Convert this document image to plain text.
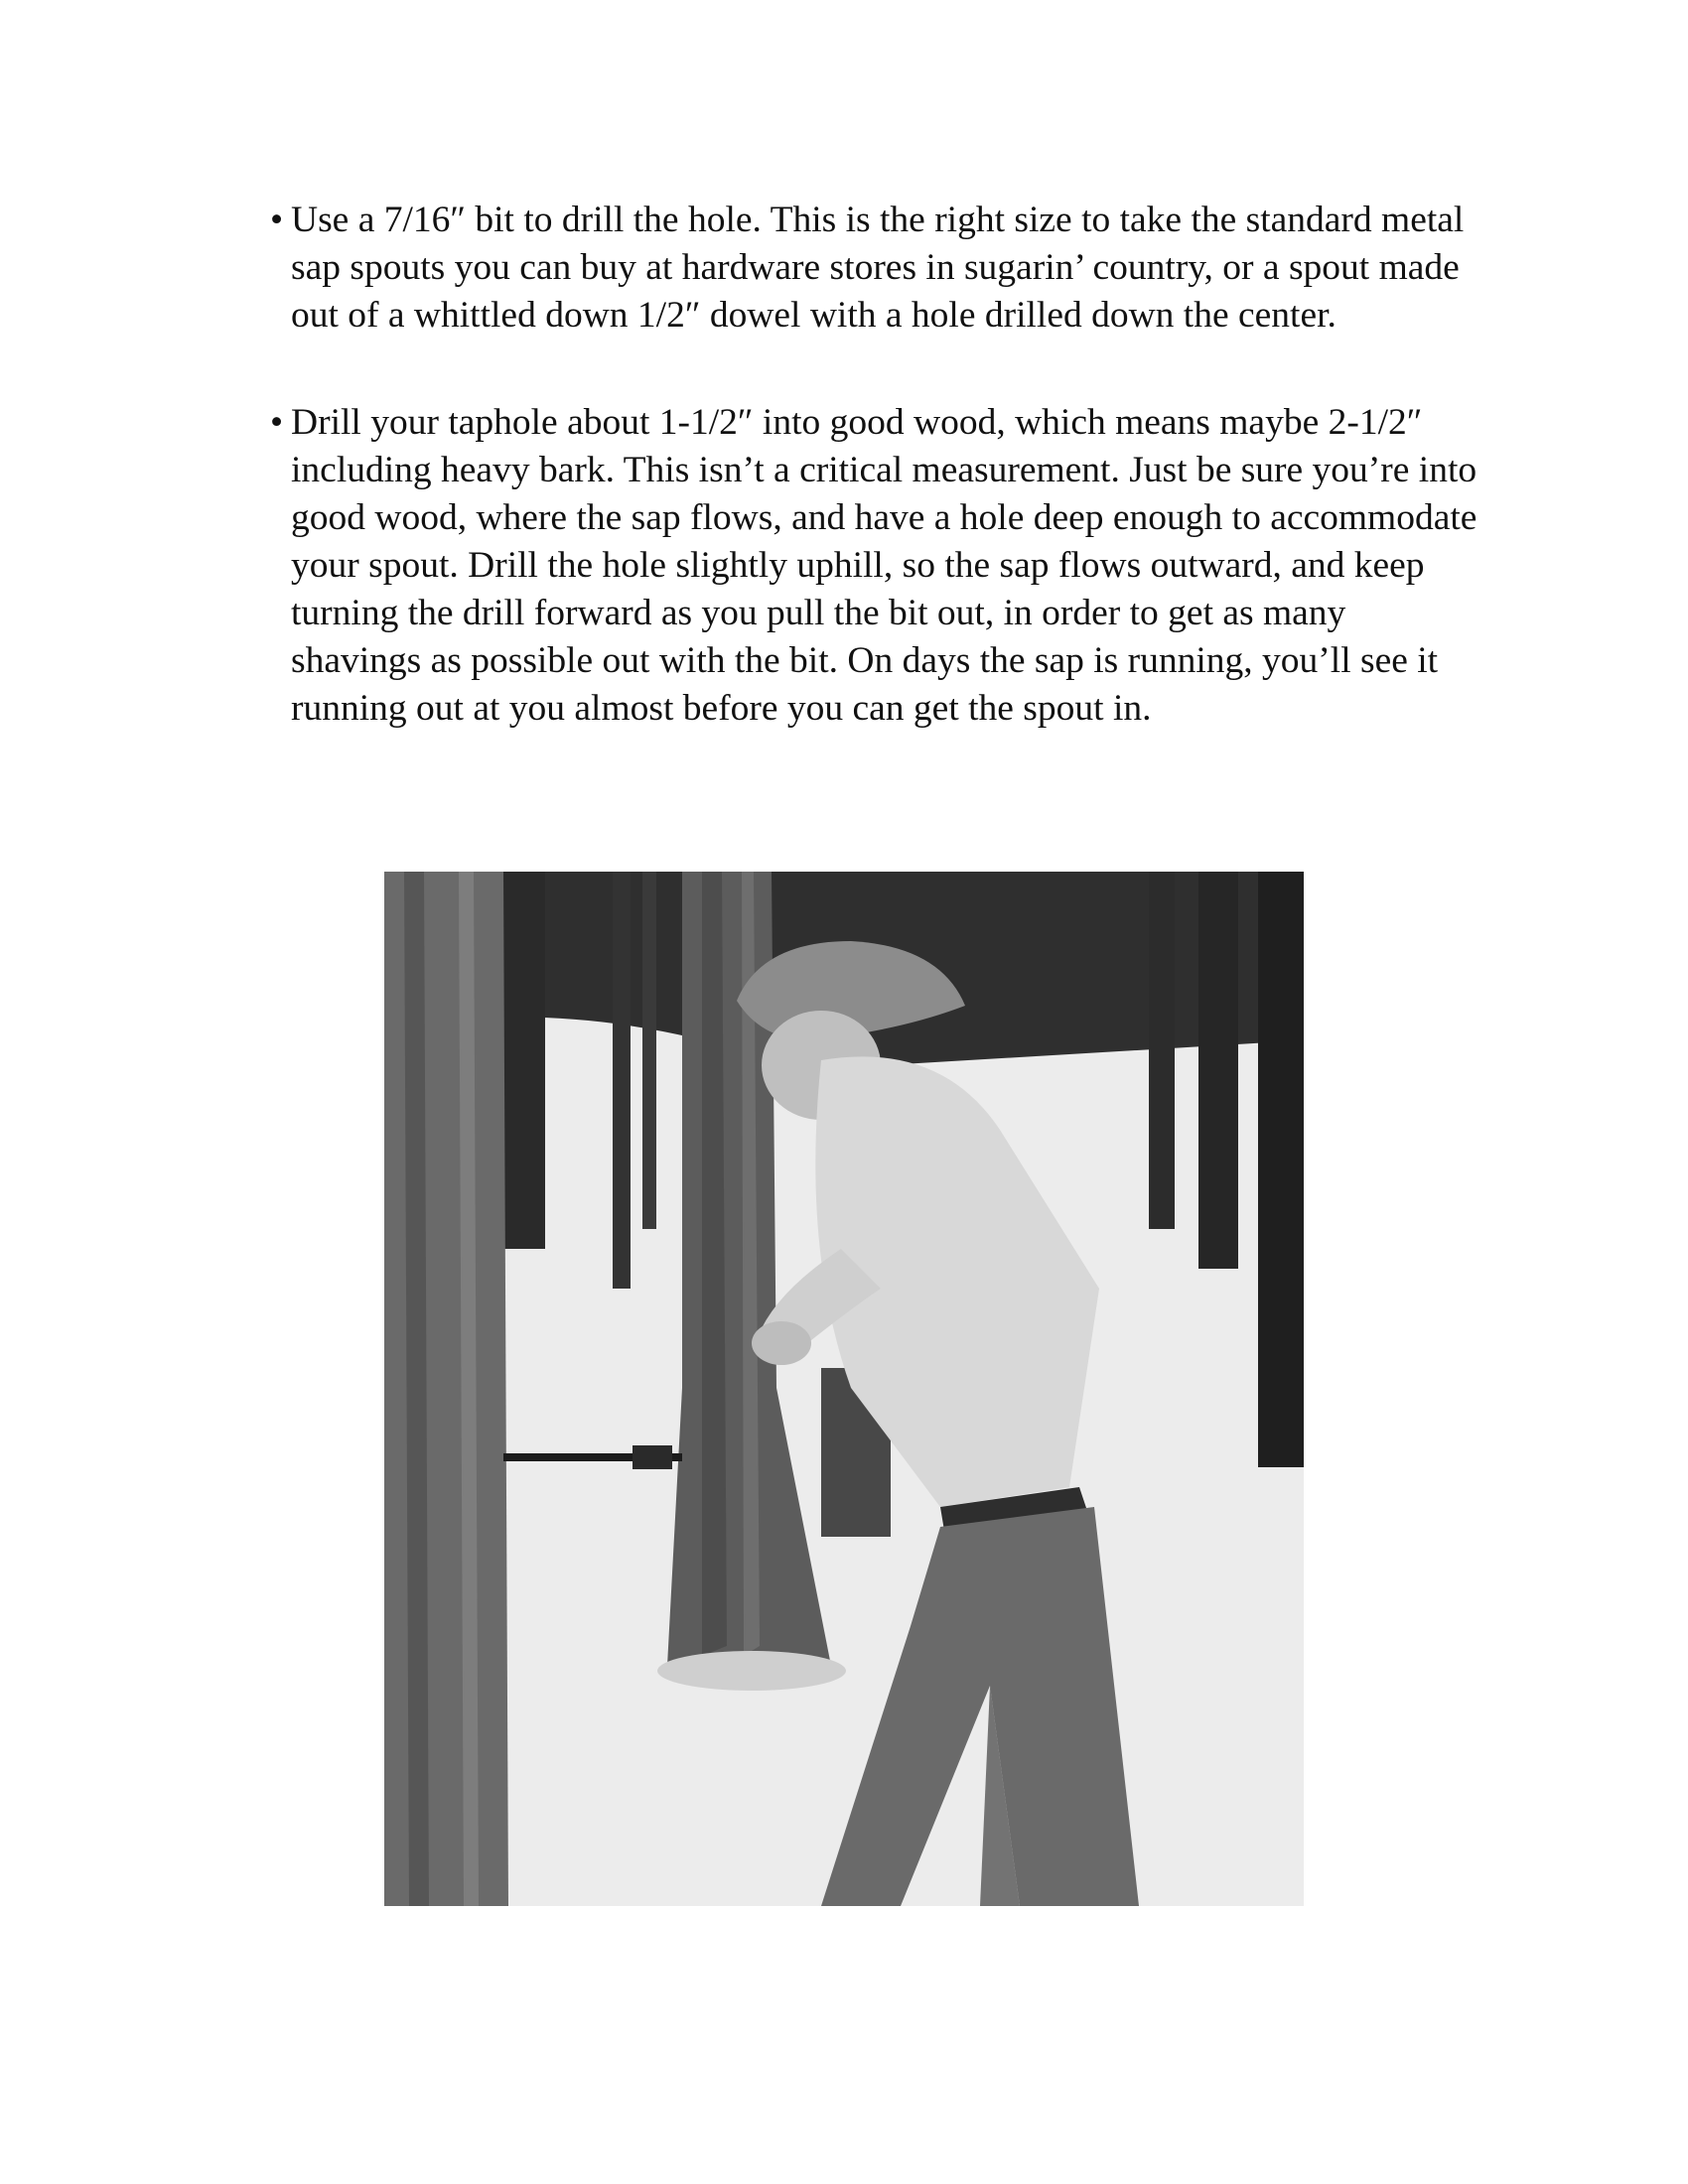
• Use a 7/16″ bit to drill the hole. This is the right size to take the standard metal sap spouts you can buy at hardware stores in sugarin’ country, or a spout made out of a whittled down 1/2″ dowel with a hole drilled down the center.
• Drill your taphole about 1-1/2″ into good wood, which means maybe 2-1/2″ including heavy bark. This isn’t a critical measurement. Just be sure you’re into good wood, where the sap flows, and have a hole deep enough to accommodate your spout. Drill the hole slightly uphill, so the sap flows outward, and keep turning the drill forward as you pull the bit out, in order to get as many shavings as possible out with the bit. On days the sap is running, you’ll see it running out at you almost before you can get the spout in.
